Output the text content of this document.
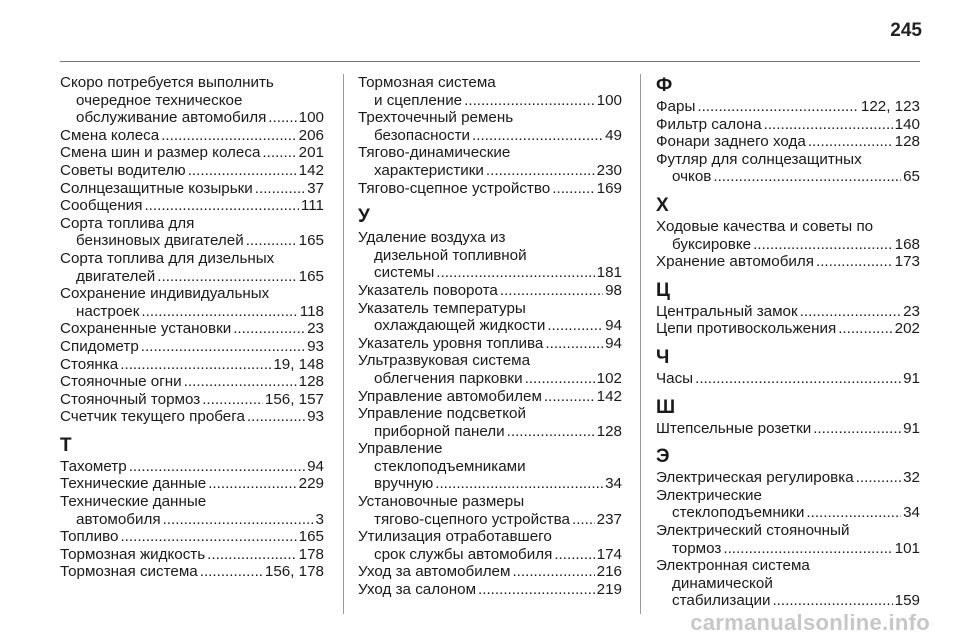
245
Скоро потребуется выполнить
очередное техническое
обслуживание автомобиля ..... 100
Смена колеса .....	206
Смена шин и размер колеса .....	201
Советы водителю .....	142
Солнцезащитные козырьки .....	37
Сообщения .....	111
Сорта топлива для
бензиновых двигателей .....	165
Сорта топлива для дизельных
двигателей .....	165
Сохранение индивидуальных
настроек .....	118
Сохраненные установки .....	23
Спидометр .....	93
Стоянка .....	19, 148
Стояночные огни .....	128
Стояночный тормоз .....	156, 157
Счетчик текущего пробега .....	93
Т
Тахометр .....	94
Технические данные .....	229
Технические данные
автомобиля .....	3
Топливо .....	165
Тормозная жидкость .....	178
Тормозная система .....	156, 178
Тормозная система
и сцепление .....	100
Трехточечный ремень
безопасности .....	49
Тягово-динамические
характеристики .....	230
Тягово-сцепное устройство .....	169
У
Удаление воздуха из
дизельной топливной
системы .....	181
Указатель поворота .....	98
Указатель температуры
охлаждающей жидкости .....	94
Указатель уровня топлива .....	94
Ультразвуковая система
облегчения парковки .....	102
Управление автомобилем .....	142
Управление подсветкой
приборной панели .....	128
Управление
стеклоподъемниками
вручную .....	34
Установочные размеры
тягово-сцепного устройства ..... 237
Утилизация отработавшего
срок службы автомобиля .....	174
Уход за автомобилем .....	216
Уход за салоном .....	219
Ф
Фары .....	122, 123
Фильтр салона .....	140
Фонари заднего хода .....	128
Футляр для солнцезащитных
очков .....	65
Х
Ходовые качества и советы по
буксировке .....	168
Хранение автомобиля .....	173
Ц
Центральный замок .....	23
Цепи противоскольжения .....	202
Ч
Часы .....	91
Ш
Штепсельные розетки .....	91
Э
Электрическая регулировка .....	32
Электрические
стеклоподъемники .....	34
Электрический стояночный
тормоз .....	101
Электронная система
динамической
стабилизации .....	159
carmanualsonline.info
